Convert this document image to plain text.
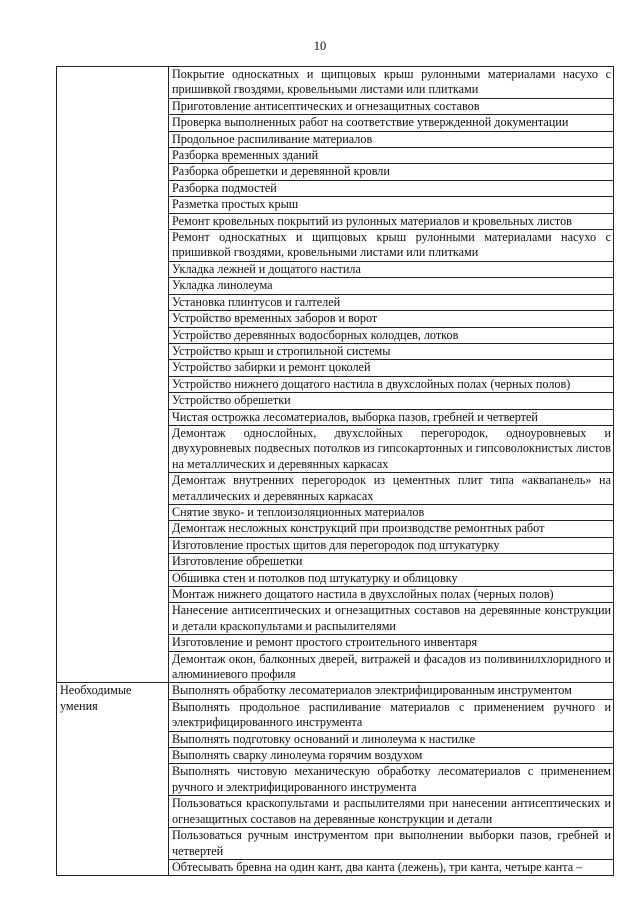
10
	Покрытие односкатных и щипцовых крыш рулонными материалами насухо с пришивкой гвоздями, кровельными листами или плитками
	Приготовление антисептических и огнезащитных составов
	Проверка выполненных работ на соответствие утвержденной документации
	Продольное распиливание материалов
	Разборка временных зданий
	Разборка обрешетки и деревянной кровли
	Разборка подмостей
	Разметка простых крыш
	Ремонт кровельных покрытий из рулонных материалов и кровельных листов
	Ремонт односкатных и щипцовых крыш рулонными материалами насухо с пришивкой гвоздями, кровельными листами или плитками
	Укладка лежней и дощатого настила
	Укладка линолеума
	Установка плинтусов и галтелей
	Устройство временных заборов и ворот
	Устройство деревянных водосборных колодцев, лотков
	Устройство крыш и стропильной системы
	Устройство забирки и ремонт цоколей
	Устройство нижнего дощатого настила в двухслойных полах (черных полов)
	Устройство обрешетки
	Чистая острожка лесоматериалов, выборка пазов, гребней и четвертей
	Демонтаж однослойных, двухслойных перегородок, одноуровневых и двухуровневых подвесных потолков из гипсокартонных и гипсоволокнистых листов на металлических и деревянных каркасах
	Демонтаж внутренних перегородок из цементных плит типа «аквапанель» на металлических и деревянных каркасах
	Снятие звуко- и теплоизоляционных материалов
	Демонтаж несложных конструкций при производстве ремонтных работ
	Изготовление простых щитов для перегородок под штукатурку
	Изготовление обрешетки
	Обшивка стен и потолков под штукатурку и облицовку
	Монтаж нижнего дощатого настила в двухслойных полах (черных полов)
	Нанесение антисептических и огнезащитных составов на деревянные конструкции и детали краскопультами и распылителями
	Изготовление и ремонт простого строительного инвентаря
	Демонтаж окон, балконных дверей, витражей и фасадов из поливинилхлоридного и алюминиевого профиля
Необходимые умения	Выполнять обработку лесоматериалов электрифицированным инструментом
	Выполнять продольное распиливание материалов с применением ручного и электрифицированного инструмента
	Выполнять подготовку оснований и линолеума к настилке
	Выполнять сварку линолеума горячим воздухом
	Выполнять чистовую механическую обработку лесоматериалов с применением ручного и электрифицированного инструмента
	Пользоваться краскопультами и распылителями при нанесении антисептических и огнезащитных составов на деревянные конструкции и детали
	Пользоваться ручным инструментом при выполнении выборки пазов, гребней и четвертей
	Обтесывать бревна на один кант, два канта (лежень), три канта, четыре канта –
